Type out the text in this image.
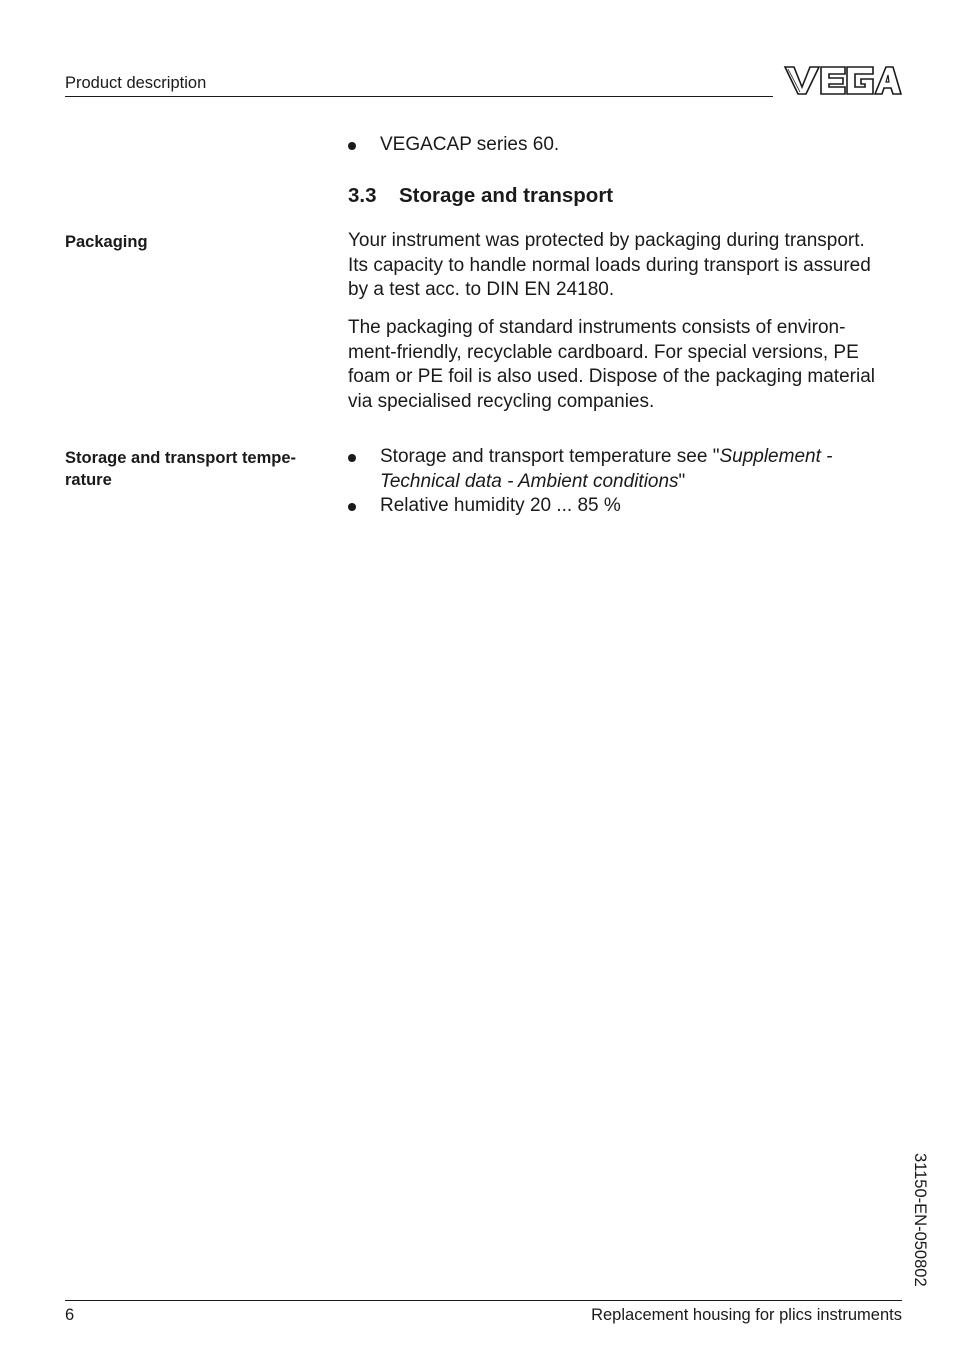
Product description
VEGA
VEGACAP series 60.
3.3 Storage and transport
Packaging	Your instrument was protected by packaging during transport.
Its capacity to handle normal loads during transport is assured
by a test acc. to DIN EN 24180.
The packaging of standard instruments consists of environ-
ment-friendly, recyclable cardboard. For special versions, PE
foam or PE foil is also used. Dispose of the packaging material
via specialised recycling companies.
Storage and transport tempe-
rature
Storage and transport temperature see "Supplement -
Technical data - Ambient conditions"
Relative humidity 20 ... 85 %
31150-EN-050802
6	Replacement housing for plics instruments
